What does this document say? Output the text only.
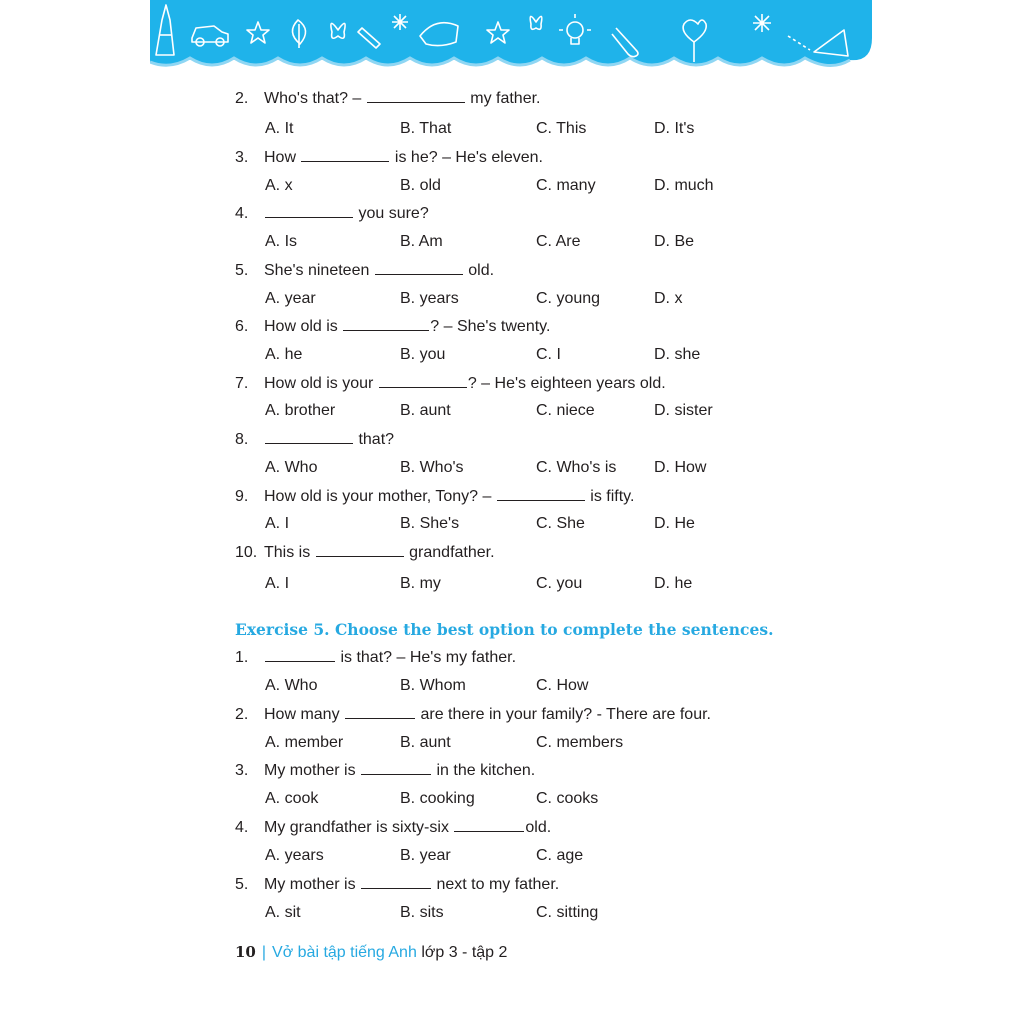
2. Who's that? –	my father.
A. It	B. That	C. This	D. It's
3. How	is he? – He's eleven.
A. x	B. old	C. many	D. much
4.	you sure?
A. Is	B. Am	C. Are	D. Be
5. She's nineteen	old.
A. year	B. years	C. young	D. x
6. How old is	? – She's twenty.
A. he	B. you	C. I	D. she
7. How old is your	? – He's eighteen years old.
A. brother	B. aunt	C. niece	D. sister
8.	that?
A. Who	B. Who's	C. Who's is D. How
9. How old is your mother, Tony? –	is fifty.
A. I	B. She's	C. She	D. He
10. This is	grandfather.
A. I	B. my	C. you	D. he
Exercise 5. Choose the best option to complete the sentences.
1.	is that? – He's my father.
A. Who	B. Whom	C. How
2. How many	are there in your family? - There are four.
A. member	B. aunt	C. members
3. My mother is	in the kitchen.
A. cook	B. cooking	C. cooks
4. My grandfather is sixty-six	old.
A. years	B. year	C. age
5. My mother is	next to my father.
A. sit	B. sits	C. sitting
10 | Vở bài tập tiếng Anh lớp 3 - tập 2
